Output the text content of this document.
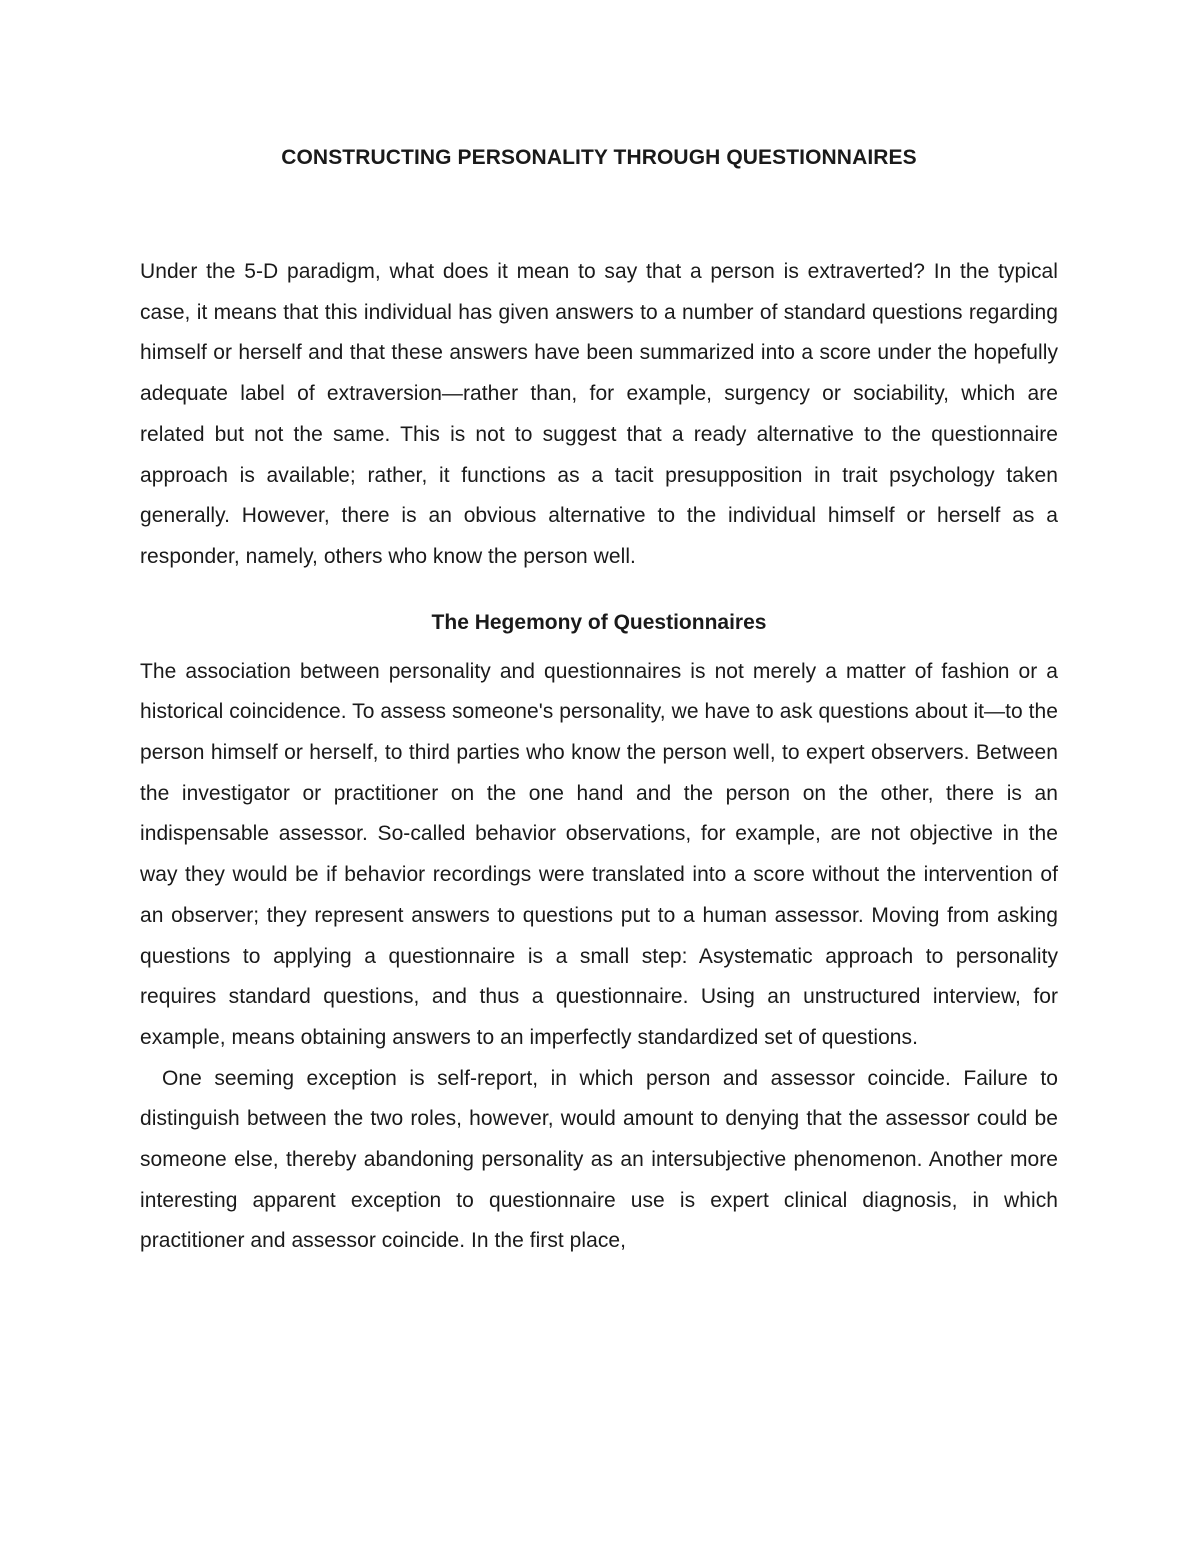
CONSTRUCTING PERSONALITY THROUGH QUESTIONNAIRES

Under the 5-D paradigm, what does it mean to say that a person is extraverted? In the typical case, it means that this individual has given answers to a number of standard questions regarding himself or herself and that these answers have been summarized into a score under the hopefully adequate label of extraversion—rather than, for example, surgency or sociability, which are related but not the same. This is not to suggest that a ready alternative to the questionnaire approach is available; rather, it functions as a tacit presupposition in trait psychology taken generally. However, there is an obvious alternative to the individual himself or herself as a responder, namely, others who know the person well.

The Hegemony of Questionnaires

The association between personality and questionnaires is not merely a matter of fashion or a historical coincidence. To assess someone's personality, we have to ask questions about it—to the person himself or herself, to third parties who know the person well, to expert observers. Between the investigator or practitioner on the one hand and the person on the other, there is an indispensable assessor. So-called behavior observations, for example, are not objective in the way they would be if behavior recordings were translated into a score without the intervention of an observer; they represent answers to questions put to a human assessor. Moving from asking questions to applying a questionnaire is a small step: Asystematic approach to personality requires standard questions, and thus a questionnaire. Using an unstructured interview, for example, means obtaining answers to an imperfectly standardized set of questions.

One seeming exception is self-report, in which person and assessor coincide. Failure to distinguish between the two roles, however, would amount to denying that the assessor could be someone else, thereby abandoning personality as an intersubjective phenomenon. Another more interesting apparent exception to questionnaire use is expert clinical diagnosis, in which practitioner and assessor coincide. In the first place,
